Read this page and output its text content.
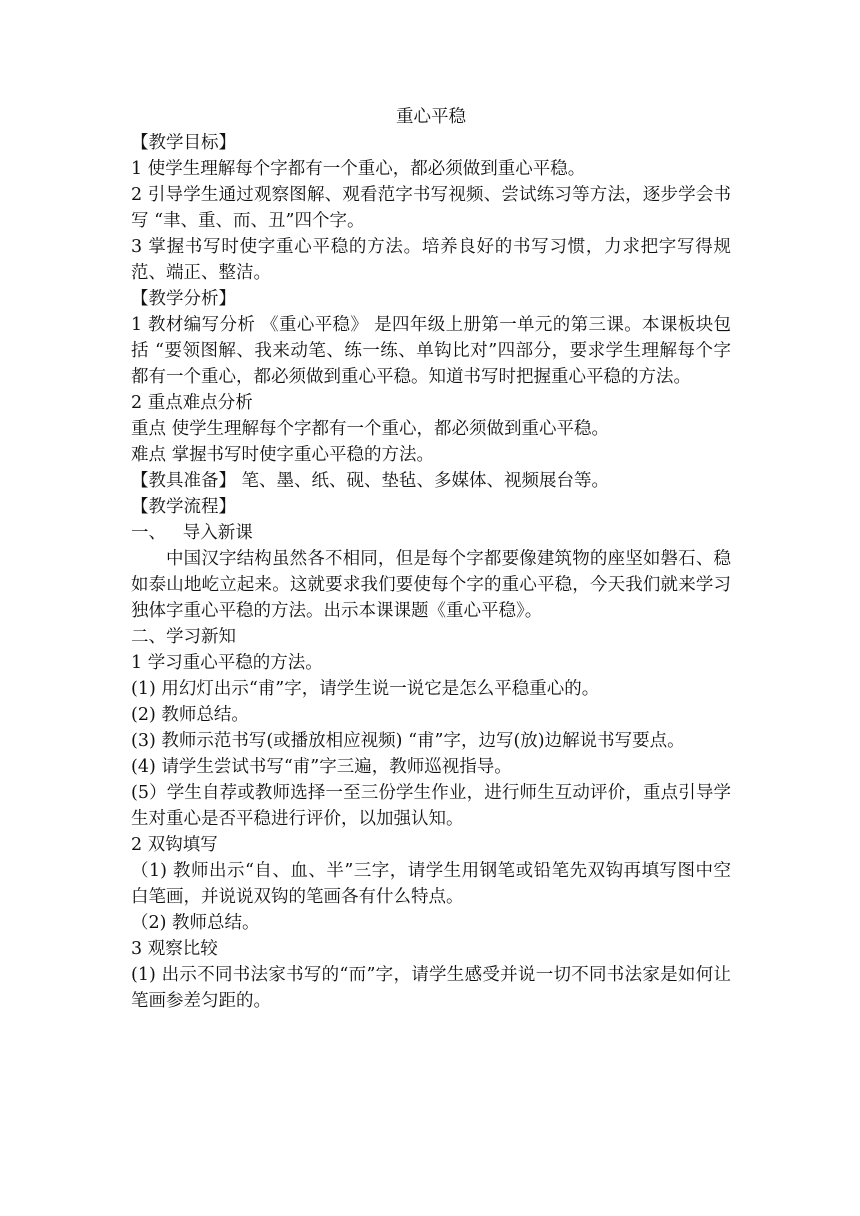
重心平稳

【教学目标】

1 使学生理解每个字都有一个重心，都必须做到重心平稳。

2 引导学生通过观察图解、观看范字书写视频、尝试练习等方法，逐步学会书写 “聿、重、而、丑”四个字。

3 掌握书写时使字重心平稳的方法。培养良好的书写习惯，力求把字写得规范、端正、整洁。

【教学分析】

1 教材编写分析 《重心平稳》 是四年级上册第一单元的第三课。本课板块包括 “要领图解、我来动笔、练一练、单钩比对”四部分，要求学生理解每个字都有一个重心，都必须做到重心平稳。知道书写时把握重心平稳的方法。

2 重点难点分析

重点 使学生理解每个字都有一个重心，都必须做到重心平稳。

难点 掌握书写时使字重心平稳的方法。

【教具准备】 笔、墨、纸、砚、垫毡、多媒体、视频展台等。

【教学流程】

一、   导入新课

中国汉字结构虽然各不相同，但是每个字都要像建筑物的座坚如磐石、稳如泰山地屹立起来。这就要求我们要使每个字的重心平稳，今天我们就来学习独体字重心平稳的方法。出示本课课题《重心平稳》。

二、学习新知

1 学习重心平稳的方法。

(1) 用幻灯出示“甫”字，请学生说一说它是怎么平稳重心的。

(2) 教师总结。

(3) 教师示范书写(或播放相应视频) “甫”字，边写(放)边解说书写要点。

(4) 请学生尝试书写“甫”字三遍，教师巡视指导。

(5）学生自荐或教师选择一至三份学生作业，进行师生互动评价，重点引导学生对重心是否平稳进行评价，以加强认知。

2 双钩填写

（1) 教师出示“自、血、半”三字，请学生用钢笔或铅笔先双钩再填写图中空白笔画，并说说双钩的笔画各有什么特点。

（2) 教师总结。

3 观察比较

(1) 出示不同书法家书写的“而”字，请学生感受并说一切不同书法家是如何让笔画参差匀距的。
